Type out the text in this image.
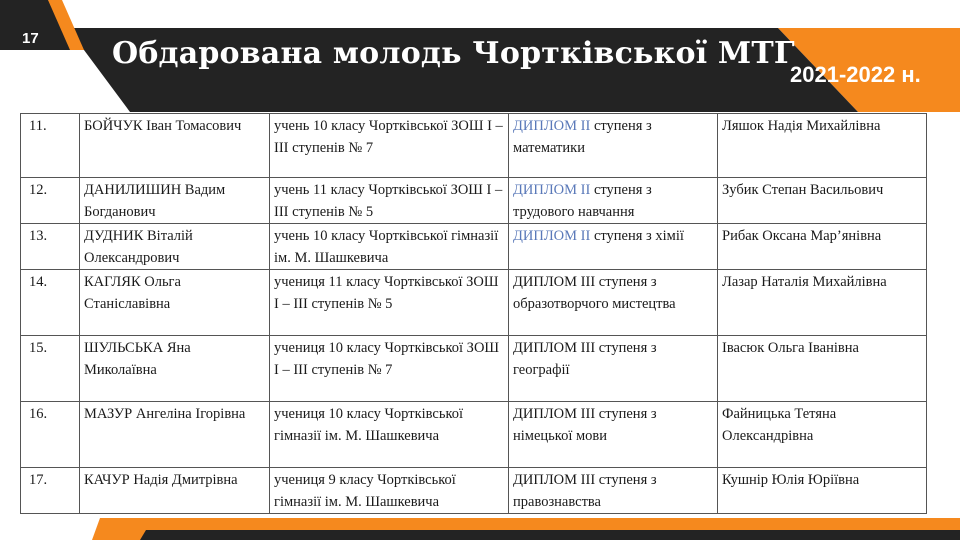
17 Обдарована молодь Чортківської МТГ
2021-2022 н.
11.	БОЙЧУК Іван Томасович	учень 10 класу Чортківської ЗОШ І – ІІІ ступенів № 7	ДИПЛОМ ІІ ступеня з математики	Ляшок Надія Михайлівна
12.	ДАНИЛИШИН Вадим Богданович	учень 11 класу Чортківської ЗОШ І – ІІІ ступенів № 5	ДИПЛОМ ІІ ступеня з трудового навчання	Зубик Степан Васильович
13.	ДУДНИК Віталій Олександрович	учень 10 класу Чортківської гімназії ім. М. Шашкевича	ДИПЛОМ ІІ ступеня з хімії	Рибак Оксана Мар’янівна
14.	КАГЛЯК Ольга Станіславівна	учениця 11 класу Чортківської ЗОШ І – ІІІ ступенів № 5	ДИПЛОМ ІІІ ступеня з образотворчого мистецтва	Лазар Наталія Михайлівна
15.	ШУЛЬСЬКА Яна Миколаївна	учениця 10 класу Чортківської ЗОШ І – ІІІ ступенів № 7	ДИПЛОМ ІІІ ступеня з географії	Івасюк Ольга Іванівна
16.	МАЗУР Ангеліна Ігорівна	учениця 10 класу Чортківської гімназії ім. М. Шашкевича	ДИПЛОМ ІІІ ступеня з німецької мови	Файницька Тетяна Олександрівна
17.	КАЧУР Надія Дмитрівна	учениця 9 класу Чортківської гімназії ім. М. Шашкевича	ДИПЛОМ ІІІ ступеня з правознавства	Кушнір Юлія Юріївна
